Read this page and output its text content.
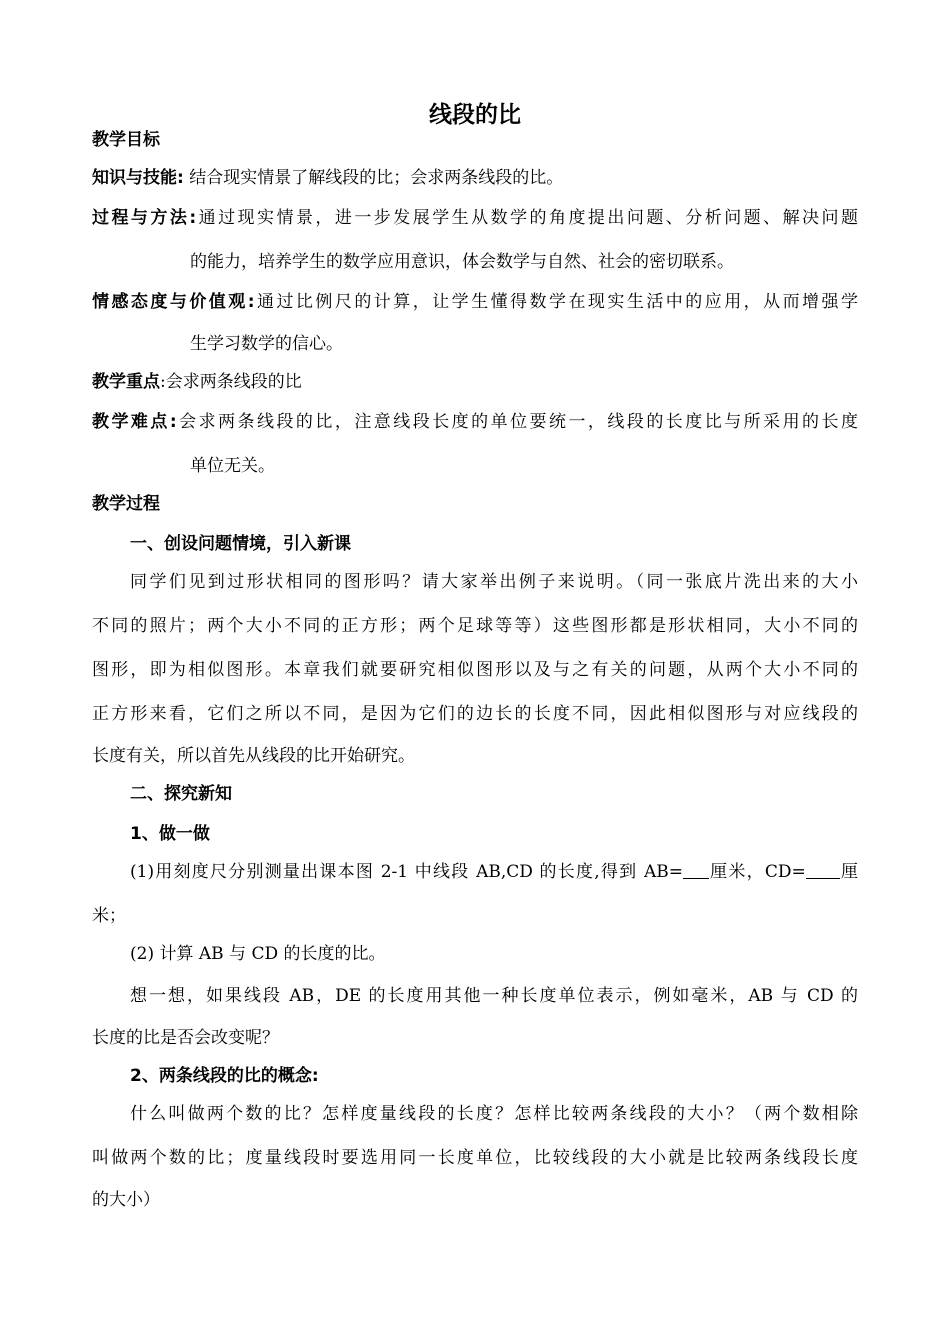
线段的比
教学目标
知识与技能: 结合现实情景了解线段的比；会求两条线段的比。
过程与方法:通过现实情景，进一步发展学生从数学的角度提出问题、分析问题、解决问题
的能力，培养学生的数学应用意识，体会数学与自然、社会的密切联系。
情感态度与价值观:通过比例尺的计算，让学生懂得数学在现实生活中的应用，从而增强学
生学习数学的信心。
教学重点:会求两条线段的比
教学难点:会求两条线段的比，注意线段长度的单位要统一，线段的长度比与所采用的长度
单位无关。
教学过程
一、创设问题情境，引入新课
同学们见到过形状相同的图形吗？请大家举出例子来说明。（同一张底片洗出来的大小
不同的照片；两个大小不同的正方形；两个足球等等）这些图形都是形状相同，大小不同的
图形，即为相似图形。本章我们就要研究相似图形以及与之有关的问题，从两个大小不同的
正方形来看，它们之所以不同，是因为它们的边长的长度不同，因此相似图形与对应线段的
长度有关，所以首先从线段的比开始研究。
二、探究新知
1、做一做
(1)用刻度尺分别测量出课本图 2-1 中线段 AB,CD 的长度,得到 AB= 厘米，CD= 厘
米；
(2) 计算 AB 与 CD 的长度的比。
想一想，如果线段 AB，DE 的长度用其他一种长度单位表示，例如毫米，AB 与 CD 的
长度的比是否会改变呢？
2、两条线段的比的概念:
什么叫做两个数的比？怎样度量线段的长度？怎样比较两条线段的大小？（两个数相除
叫做两个数的比；度量线段时要选用同一长度单位，比较线段的大小就是比较两条线段长度
的大小）
